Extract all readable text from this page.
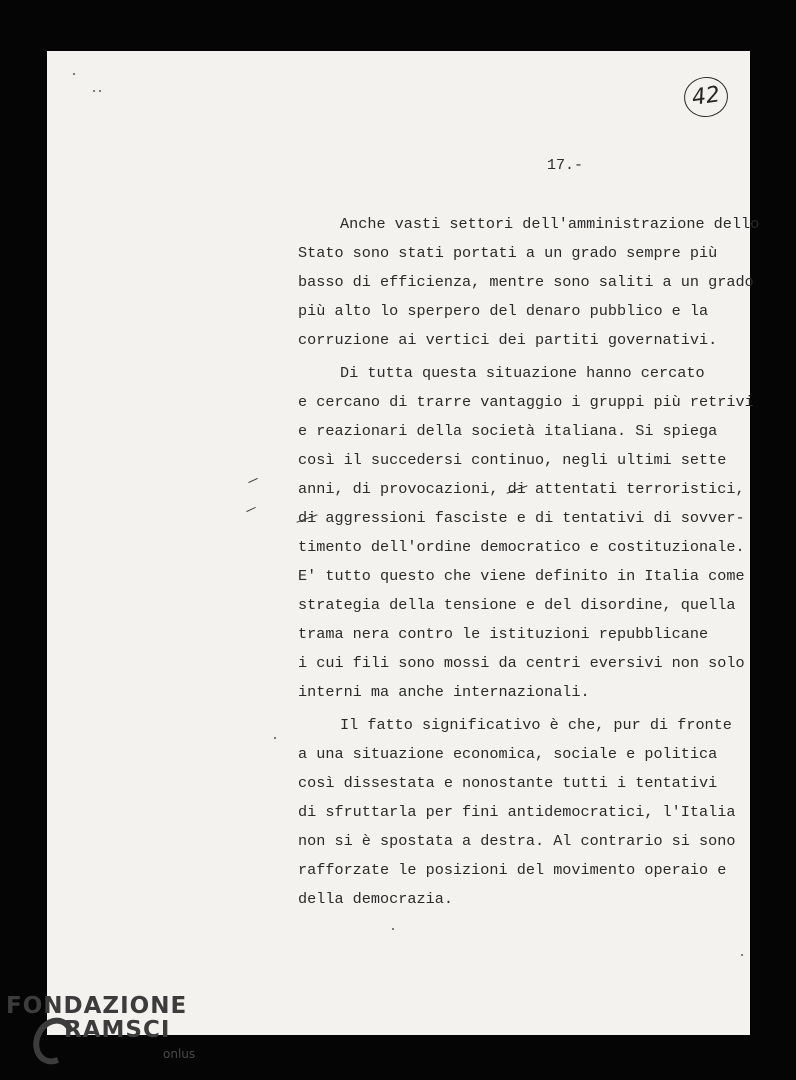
42
17.-
Anche vasti settori dell'amministrazione dello
Stato sono stati portati a un grado sempre più
basso di efficienza, mentre sono saliti a un grado
più alto lo sperpero del denaro pubblico e la
corruzione ai vertici dei partiti governativi.
Di tutta questa situazione hanno cercato
e cercano di trarre vantaggio i gruppi più retrivi
e reazionari della società italiana. Si spiega
così il succedersi continuo, negli ultimi sette
anni, di provocazioni, di attentati terroristici,
di aggressioni fasciste e di tentativi di sovver-
timento dell'ordine democratico e costituzionale.
E' tutto questo che viene definito in Italia come
strategia della tensione e del disordine, quella
trama nera contro le istituzioni repubblicane
i cui fili sono mossi da centri eversivi non solo
interni ma anche internazionali.
Il fatto significativo è che, pur di fronte
a una situazione economica, sociale e politica
così dissestata e nonostante tutti i tentativi
di sfruttarla per fini antidemocratici, l'Italia
non si è spostata a destra. Al contrario si sono
rafforzate le posizioni del movimento operaio e
della democrazia.
FONDAZIONE
RAMSCI
onlus
